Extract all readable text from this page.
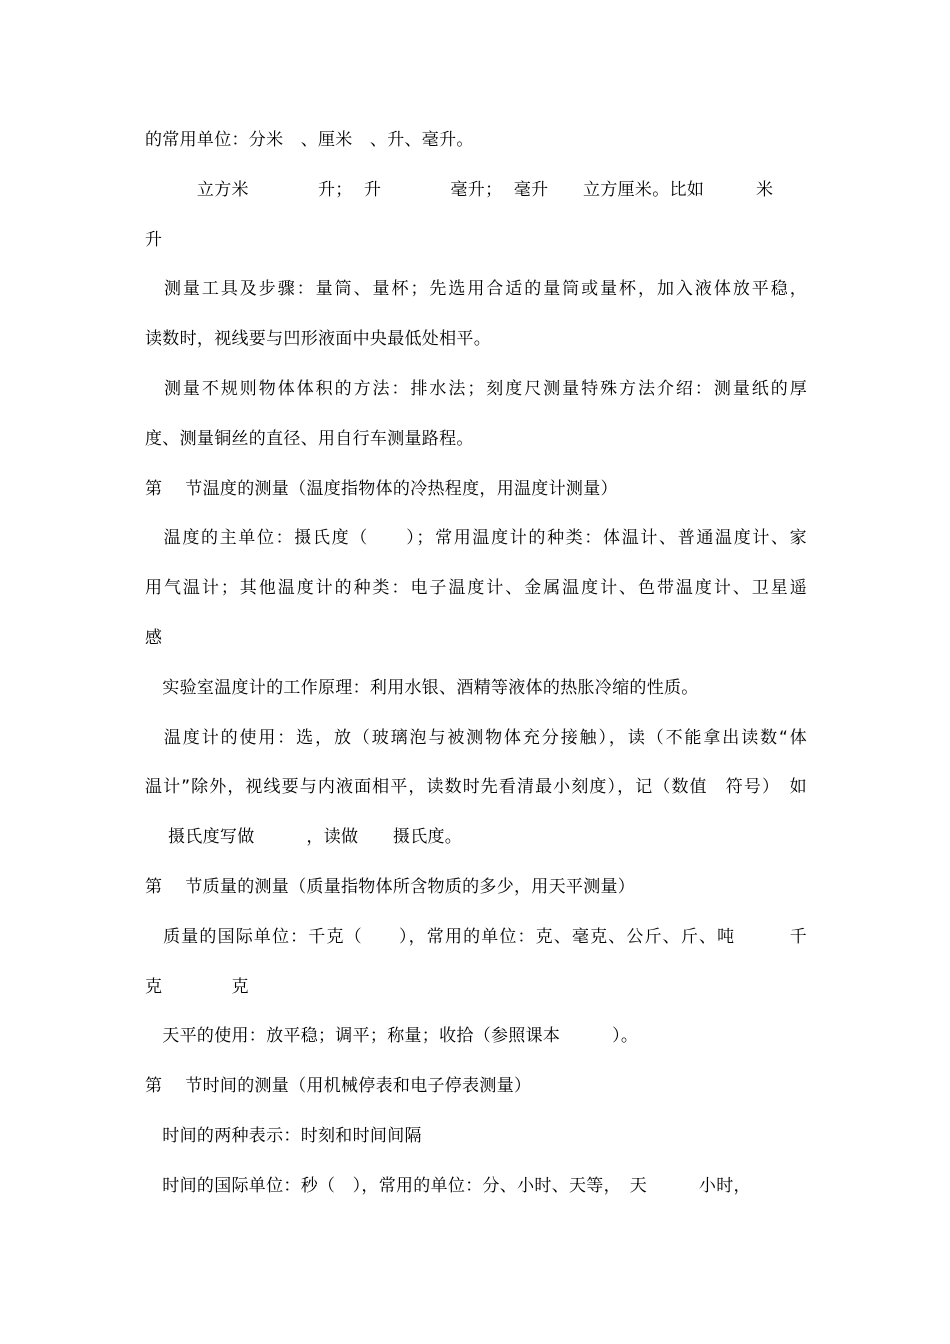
的常用单位：分米　、厘米　、升、毫升。
　　　立方米　　　　升；  升　　　　毫升；  毫升　　立方厘米。比如　　　米
升
　测量工具及步骤：量筒、量杯；先选用合适的量筒或量杯，加入液体放平稳，
读数时，视线要与凹形液面中央最低处相平。
　测量不规则物体体积的方法：排水法；刻度尺测量特殊方法介绍：测量纸的厚
度、测量铜丝的直径、用自行车测量路程。
第　 节温度的测量（温度指物体的冷热程度，用温度计测量）
　温度的主单位：摄氏度（　　）；常用温度计的种类：体温计、普通温度计、家
用气温计；其他温度计的种类：电子温度计、金属温度计、色带温度计、卫星遥
感
　实验室温度计的工作原理：利用水银、酒精等液体的热胀冷缩的性质。
　温度计的使用：选，放（玻璃泡与被测物体充分接触），读（不能拿出读数“体
温计”除外，视线要与内液面相平，读数时先看清最小刻度），记（数值　符号）　如
　 摄氏度写做　　　，读做　　摄氏度。
第　 节质量的测量（质量指物体所含物质的多少，用天平测量）
　质量的国际单位：千克（　　），常用的单位：克、毫克、公斤、斤、吨　　　千
克　　　　克
　天平的使用：放平稳；调平；称量；收拾（参照课本　　　）。
第　 节时间的测量（用机械停表和电子停表测量）
　时间的两种表示：时刻和时间间隔
　时间的国际单位：秒（　），常用的单位：分、小时、天等，　天　　　小时，
